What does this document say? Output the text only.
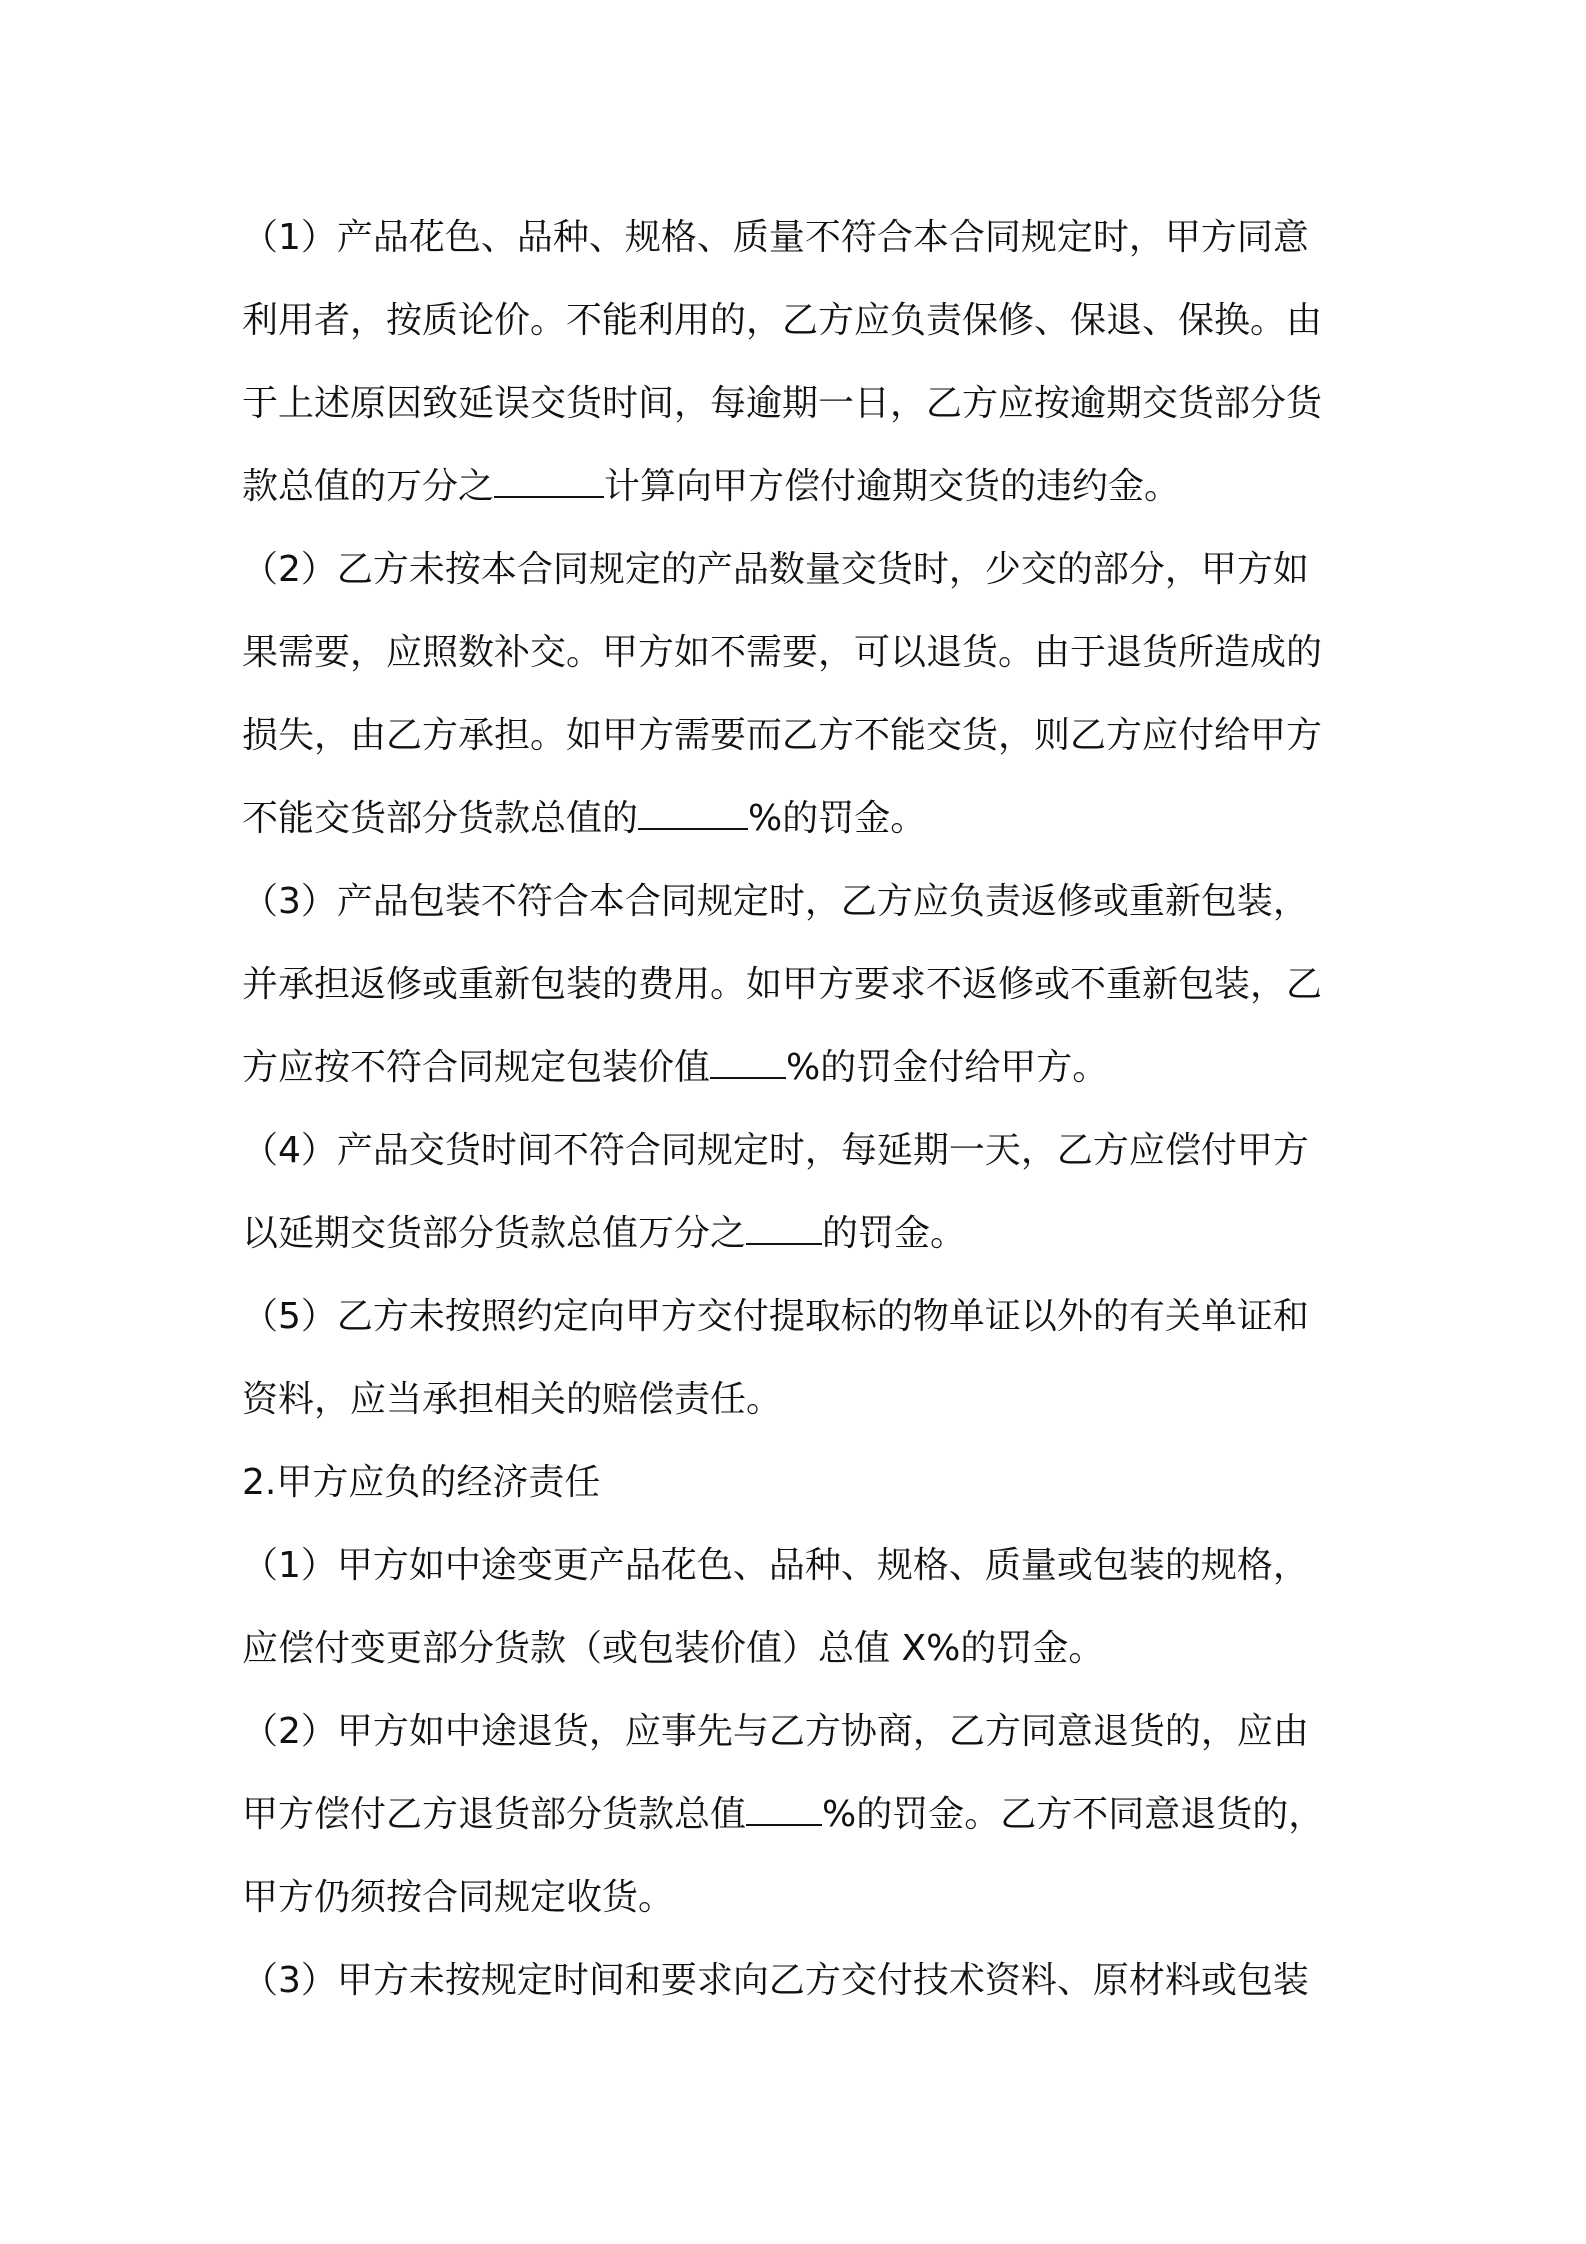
（1）产品花色、品种、规格、质量不符合本合同规定时，甲方同意
利用者，按质论价。不能利用的，乙方应负责保修、保退、保换。由
于上述原因致延误交货时间，每逾期一日，乙方应按逾期交货部分货
款总值的万分之	计算向甲方偿付逾期交货的违约金。

（2）乙方未按本合同规定的产品数量交货时，少交的部分，甲方如
果需要，应照数补交。甲方如不需要，可以退货。由于退货所造成的
损失，由乙方承担。如甲方需要而乙方不能交货，则乙方应付给甲方
不能交货部分货款总值的	%的罚金。

（3）产品包装不符合本合同规定时，乙方应负责返修或重新包装，
并承担返修或重新包装的费用。如甲方要求不返修或不重新包装，乙
方应按不符合同规定包装价值 %的罚金付给甲方。

（4）产品交货时间不符合同规定时，每延期一天，乙方应偿付甲方
以延期交货部分货款总值万分之 的罚金。

（5）乙方未按照约定向甲方交付提取标的物单证以外的有关单证和
资料，应当承担相关的赔偿责任。

2.甲方应负的经济责任

（1）甲方如中途变更产品花色、品种、规格、质量或包装的规格，
应偿付变更部分货款（或包装价值）总值 X%的罚金。

（2）甲方如中途退货，应事先与乙方协商，乙方同意退货的，应由
甲方偿付乙方退货部分货款总值 %的罚金。乙方不同意退货的，
甲方仍须按合同规定收货。

（3）甲方未按规定时间和要求向乙方交付技术资料、原材料或包装
